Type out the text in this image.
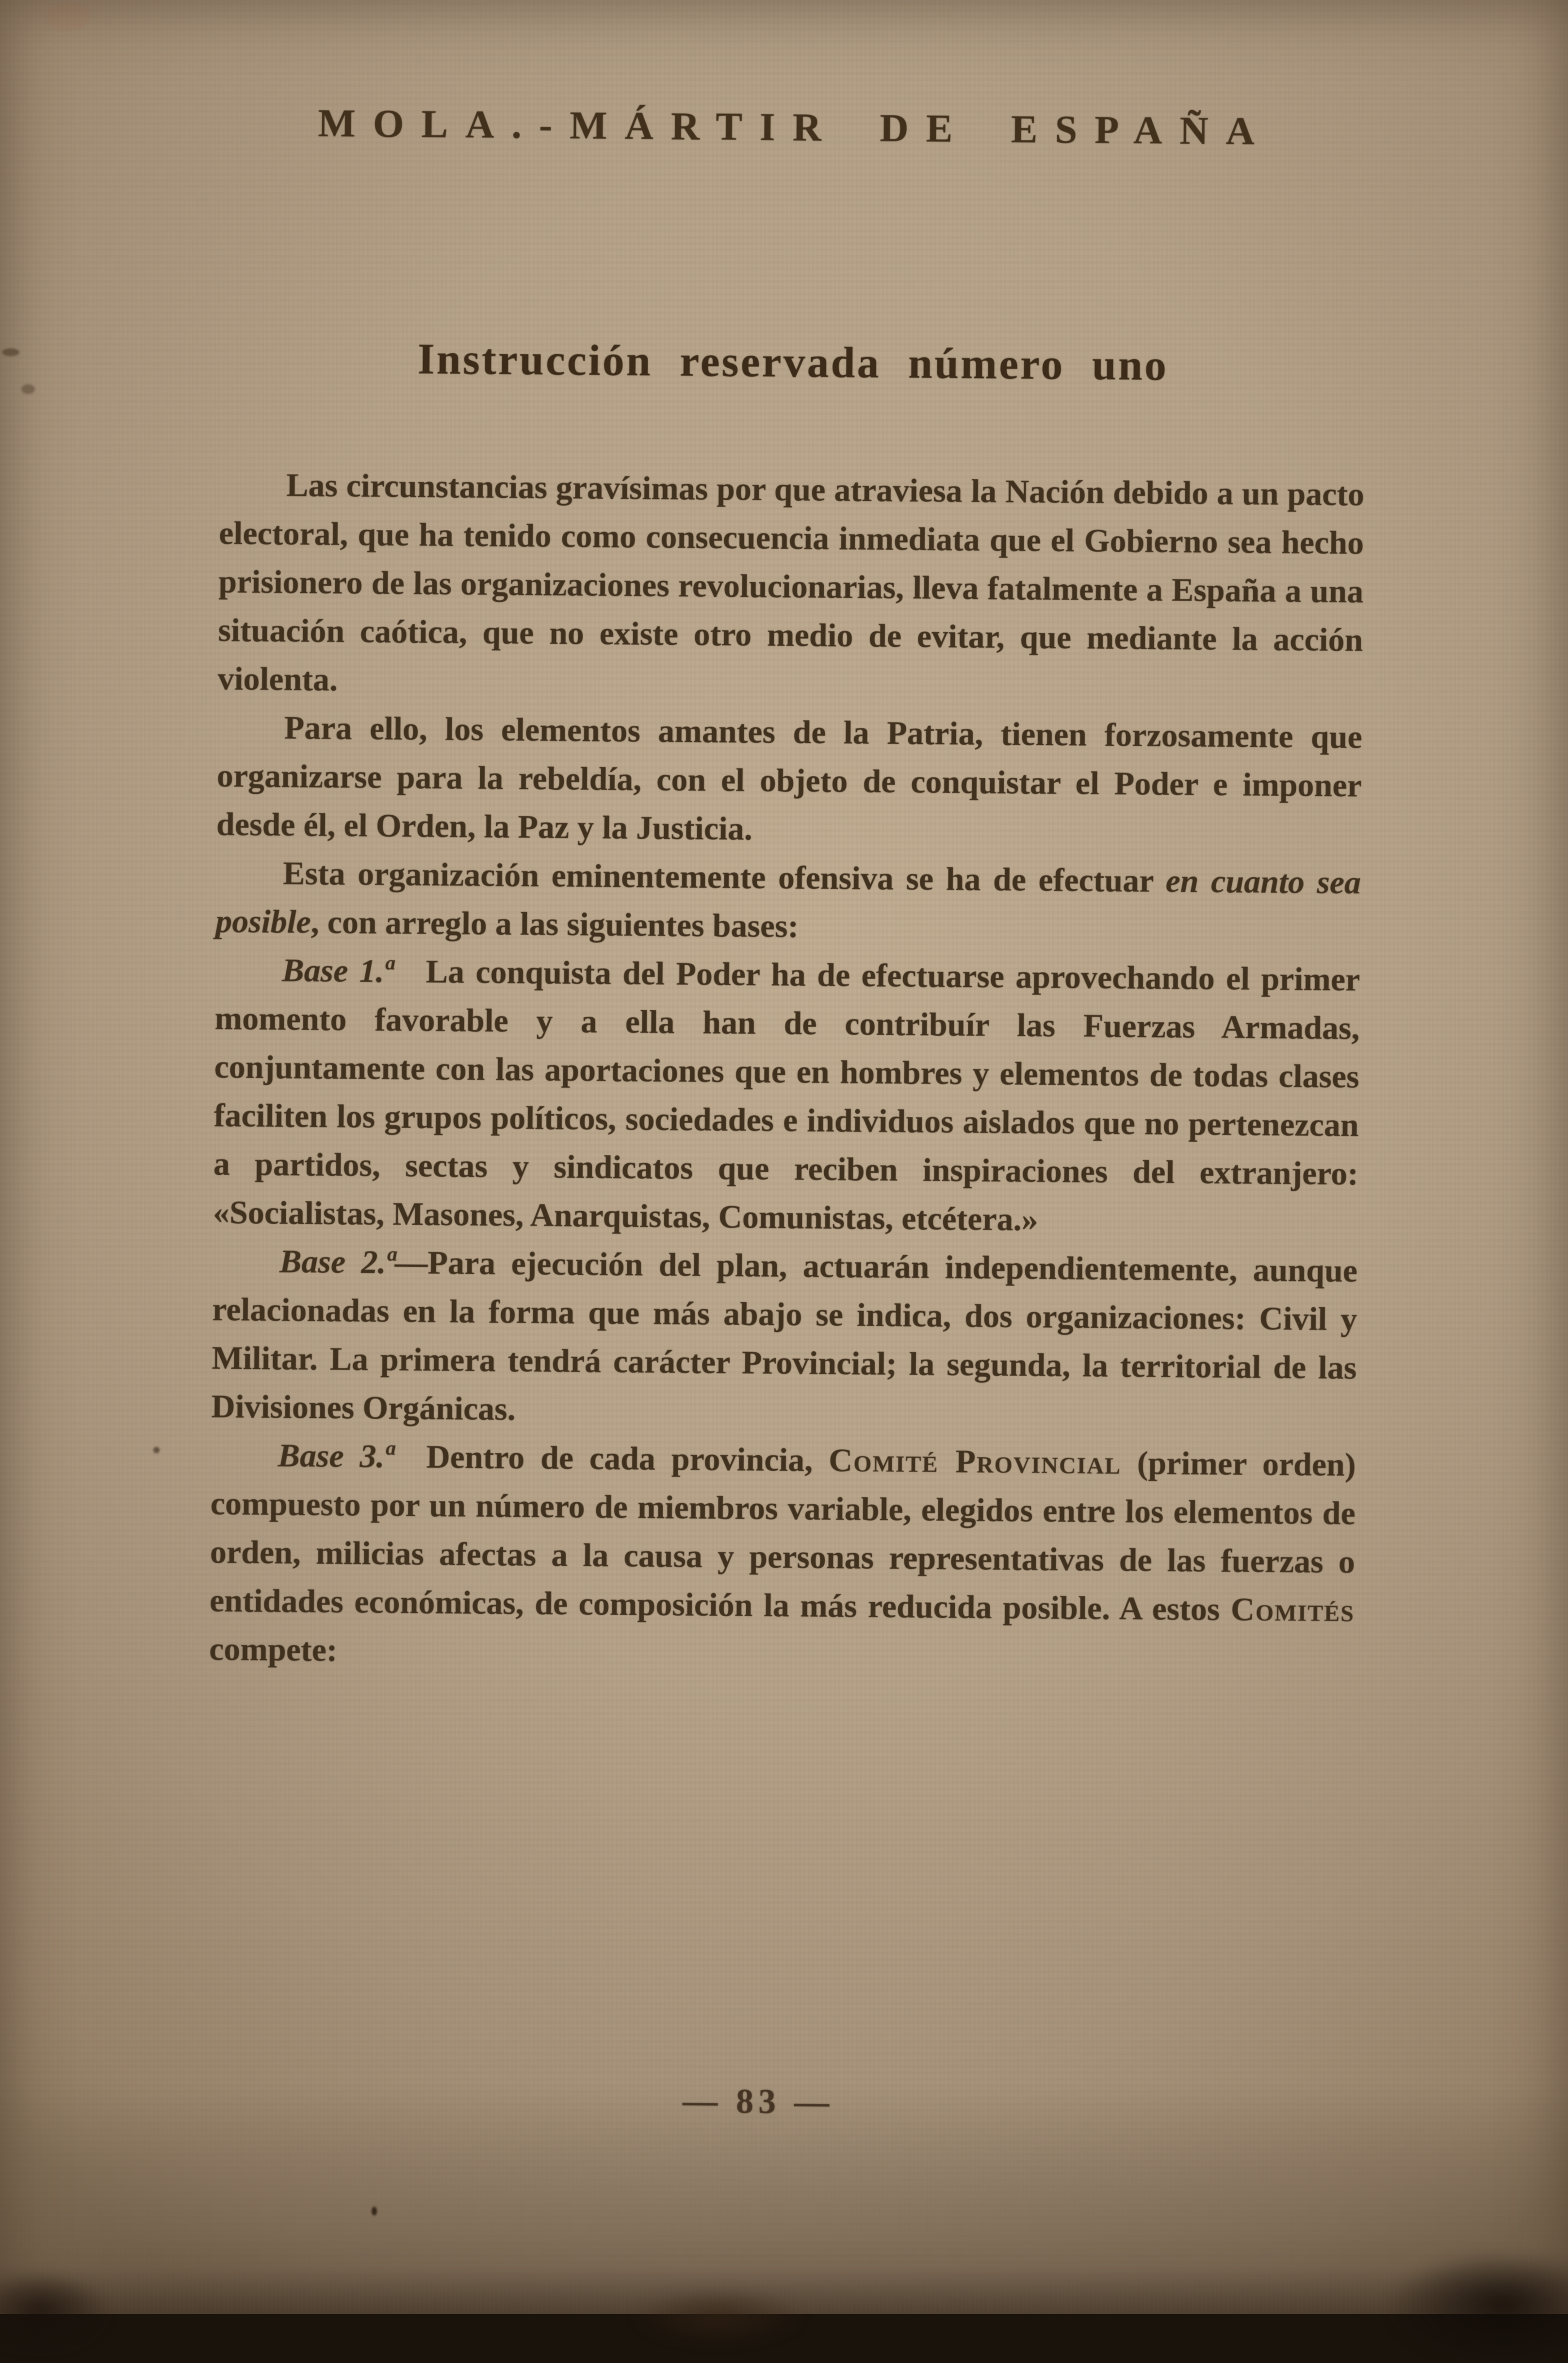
MOLA.-MÁRTIR DE ESPAÑA
Instrucción reservada número uno

Las circunstancias gravísimas por que atraviesa la Nación debido a un pacto electoral, que ha tenido como consecuencia inmediata que el Gobierno sea hecho prisionero de las organizaciones revolucionarias, lleva fatalmente a España a una situación caótica, que no existe otro medio de evitar, que mediante la acción violenta.

Para ello, los elementos amantes de la Patria, tienen forzosamente que organizarse para la rebeldía, con el objeto de conquistar el Poder e imponer desde él, el Orden, la Paz y la Justicia.

Esta organización eminentemente ofensiva se ha de efectuar en cuanto sea posible, con arreglo a las siguientes bases:

Base 1.ª La conquista del Poder ha de efectuarse aprovechando el primer momento favorable y a ella han de contribuír las Fuerzas Armadas, conjuntamente con las aportaciones que en hombres y elementos de todas clases faciliten los grupos políticos, sociedades e individuos aislados que no pertenezcan a partidos, sectas y sindicatos que reciben inspiraciones del extranjero: «Socialistas, Masones, Anarquistas, Comunistas, etcétera.»

Base 2.ª—Para ejecución del plan, actuarán independientemente, aunque relacionadas en la forma que más abajo se indica, dos organizaciones: Civil y Militar. La primera tendrá carácter Provincial; la segunda, la territorial de las Divisiones Orgánicas.

Base 3.ª Dentro de cada provincia, Comité Provincial (primer orden) compuesto por un número de miembros variable, elegidos entre los elementos de orden, milicias afectas a la causa y personas representativas de las fuerzas o entidades económicas, de composición la más reducida posible. A estos Comités compete:

— 83 —
